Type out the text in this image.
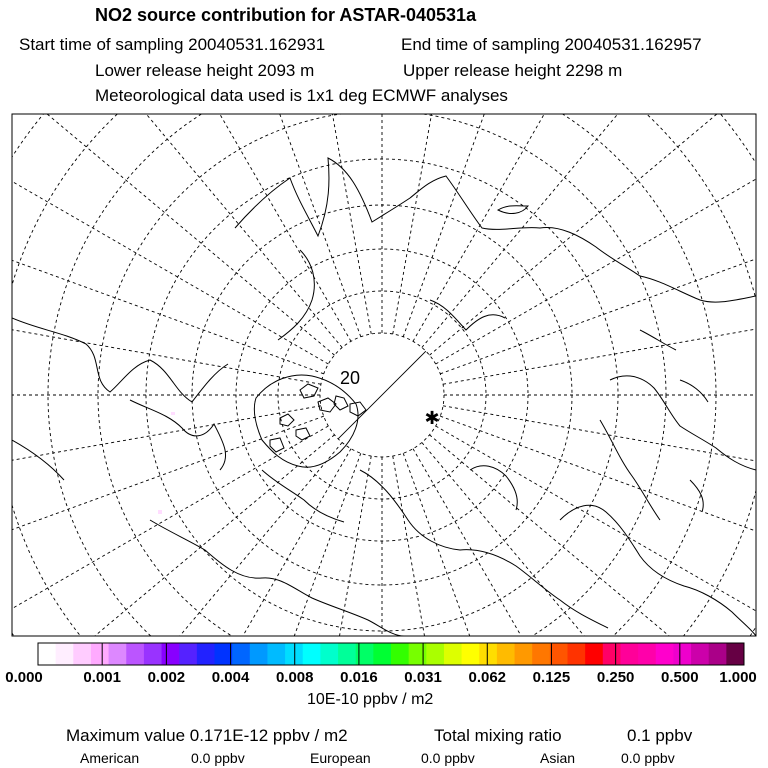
20
✱
NO2 source contribution for ASTAR-040531a
Start time of sampling 20040531.162931	End time of sampling 20040531.162957
Lower release height 2093 m	Upper release height 2298 m
Meteorological data used is 1x1 deg ECMWF analyses
0.000	0.001 0.002 0.004 0.008 0.016 0.031 0.062 0.125 0.250 0.500 1.000
10E-10 ppbv / m2
Maximum value 0.171E-12 ppbv / m2	Total mixing ratio	0.1 ppbv
American	0.0 ppbv	European	0.0 ppbv	Asian	0.0 ppbv
